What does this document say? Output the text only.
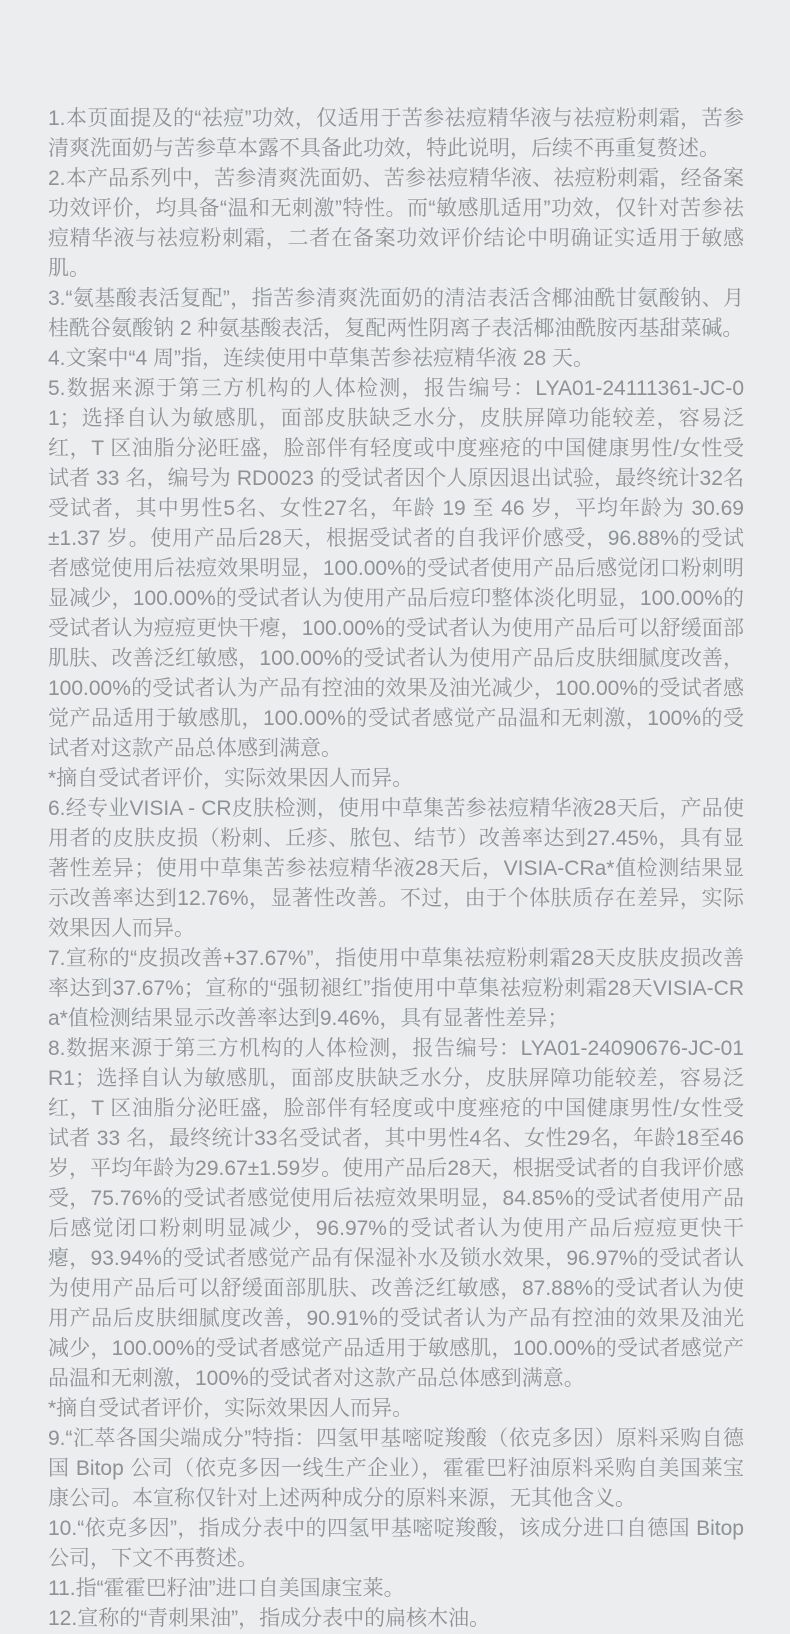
1.本页面提及的“祛痘”功效，仅适用于苦参祛痘精华液与祛痘粉刺霜，苦参清爽洗面奶与苦参草本露不具备此功效，特此说明，后续不再重复赘述。

2.本产品系列中，苦参清爽洗面奶、苦参祛痘精华液、祛痘粉刺霜，经备案功效评价，均具备“温和无刺激”特性。而“敏感肌适用”功效，仅针对苦参祛痘精华液与祛痘粉刺霜，二者在备案功效评价结论中明确证实适用于敏感肌。

3.“氨基酸表活复配”，指苦参清爽洗面奶的清洁表活含椰油酰甘氨酸钠、月桂酰谷氨酸钠 2 种氨基酸表活，复配两性阴离子表活椰油酰胺丙基甜菜碱。

4.文案中“4 周”指，连续使用中草集苦参祛痘精华液 28 天。

5.数据来源于第三方机构的人体检测，报告编号：LYA01-24111361-JC-01；选择自认为敏感肌，面部皮肤缺乏水分，皮肤屏障功能较差，容易泛红，T 区油脂分泌旺盛，脸部伴有轻度或中度痤疮的中国健康男性/女性受试者 33 名，编号为 RD0023 的受试者因个人原因退出试验，最终统计32名受试者，其中男性5名、女性27名，年龄 19 至 46 岁，平均年龄为 30.69±1.37 岁。使用产品后28天，根据受试者的自我评价感受，96.88%的受试者感觉使用后祛痘效果明显，100.00%的受试者使用产品后感觉闭口粉刺明显减少，100.00%的受试者认为使用产品后痘印整体淡化明显，100.00%的受试者认为痘痘更快干瘪，100.00%的受试者认为使用产品后可以舒缓面部肌肤、改善泛红敏感，100.00%的受试者认为使用产品后皮肤细腻度改善，100.00%的受试者认为产品有控油的效果及油光减少，100.00%的受试者感觉产品适用于敏感肌，100.00%的受试者感觉产品温和无刺激，100%的受试者对这款产品总体感到满意。

*摘自受试者评价，实际效果因人而异。

6.经专业VISIA - CR皮肤检测，使用中草集苦参祛痘精华液28天后，产品使用者的皮肤皮损（粉刺、丘疹、脓包、结节）改善率达到27.45%，具有显著性差异；使用中草集苦参祛痘精华液28天后，VISIA-CRa*值检测结果显示改善率达到12.76%，显著性改善。不过，由于个体肤质存在差异，实际效果因人而异。

7.宣称的“皮损改善+37.67%”，指使用中草集祛痘粉刺霜28天皮肤皮损改善率达到37.67%；宣称的“强韧褪红”指使用中草集祛痘粉刺霜28天VISIA-CR a*值检测结果显示改善率达到9.46%，具有显著性差异；

8.数据来源于第三方机构的人体检测，报告编号：LYA01-24090676-JC-01R1；选择自认为敏感肌，面部皮肤缺乏水分，皮肤屏障功能较差，容易泛红，T 区油脂分泌旺盛，脸部伴有轻度或中度痤疮的中国健康男性/女性受试者 33 名，最终统计33名受试者，其中男性4名、女性29名，年龄18至46岁，平均年龄为29.67±1.59岁。使用产品后28天，根据受试者的自我评价感受，75.76%的受试者感觉使用后祛痘效果明显，84.85%的受试者使用产品后感觉闭口粉刺明显减少，96.97%的受试者认为使用产品后痘痘更快干瘪，93.94%的受试者感觉产品有保湿补水及锁水效果，96.97%的受试者认为使用产品后可以舒缓面部肌肤、改善泛红敏感，87.88%的受试者认为使用产品后皮肤细腻度改善，90.91%的受试者认为产品有控油的效果及油光减少，100.00%的受试者感觉产品适用于敏感肌，100.00%的受试者感觉产品温和无刺激，100%的受试者对这款产品总体感到满意。

*摘自受试者评价，实际效果因人而异。

9.“汇萃各国尖端成分”特指：四氢甲基嘧啶羧酸（依克多因）原料采购自德国 Bitop 公司（依克多因一线生产企业），霍霍巴籽油原料采购自美国莱宝康公司。本宣称仅针对上述两种成分的原料来源，无其他含义。

10.“依克多因”，指成分表中的四氢甲基嘧啶羧酸，该成分进口自德国 Bitop 公司，下文不再赘述。

11.指“霍霍巴籽油”进口自美国康宝莱。

12.宣称的“青刺果油”，指成分表中的扁核木油。
